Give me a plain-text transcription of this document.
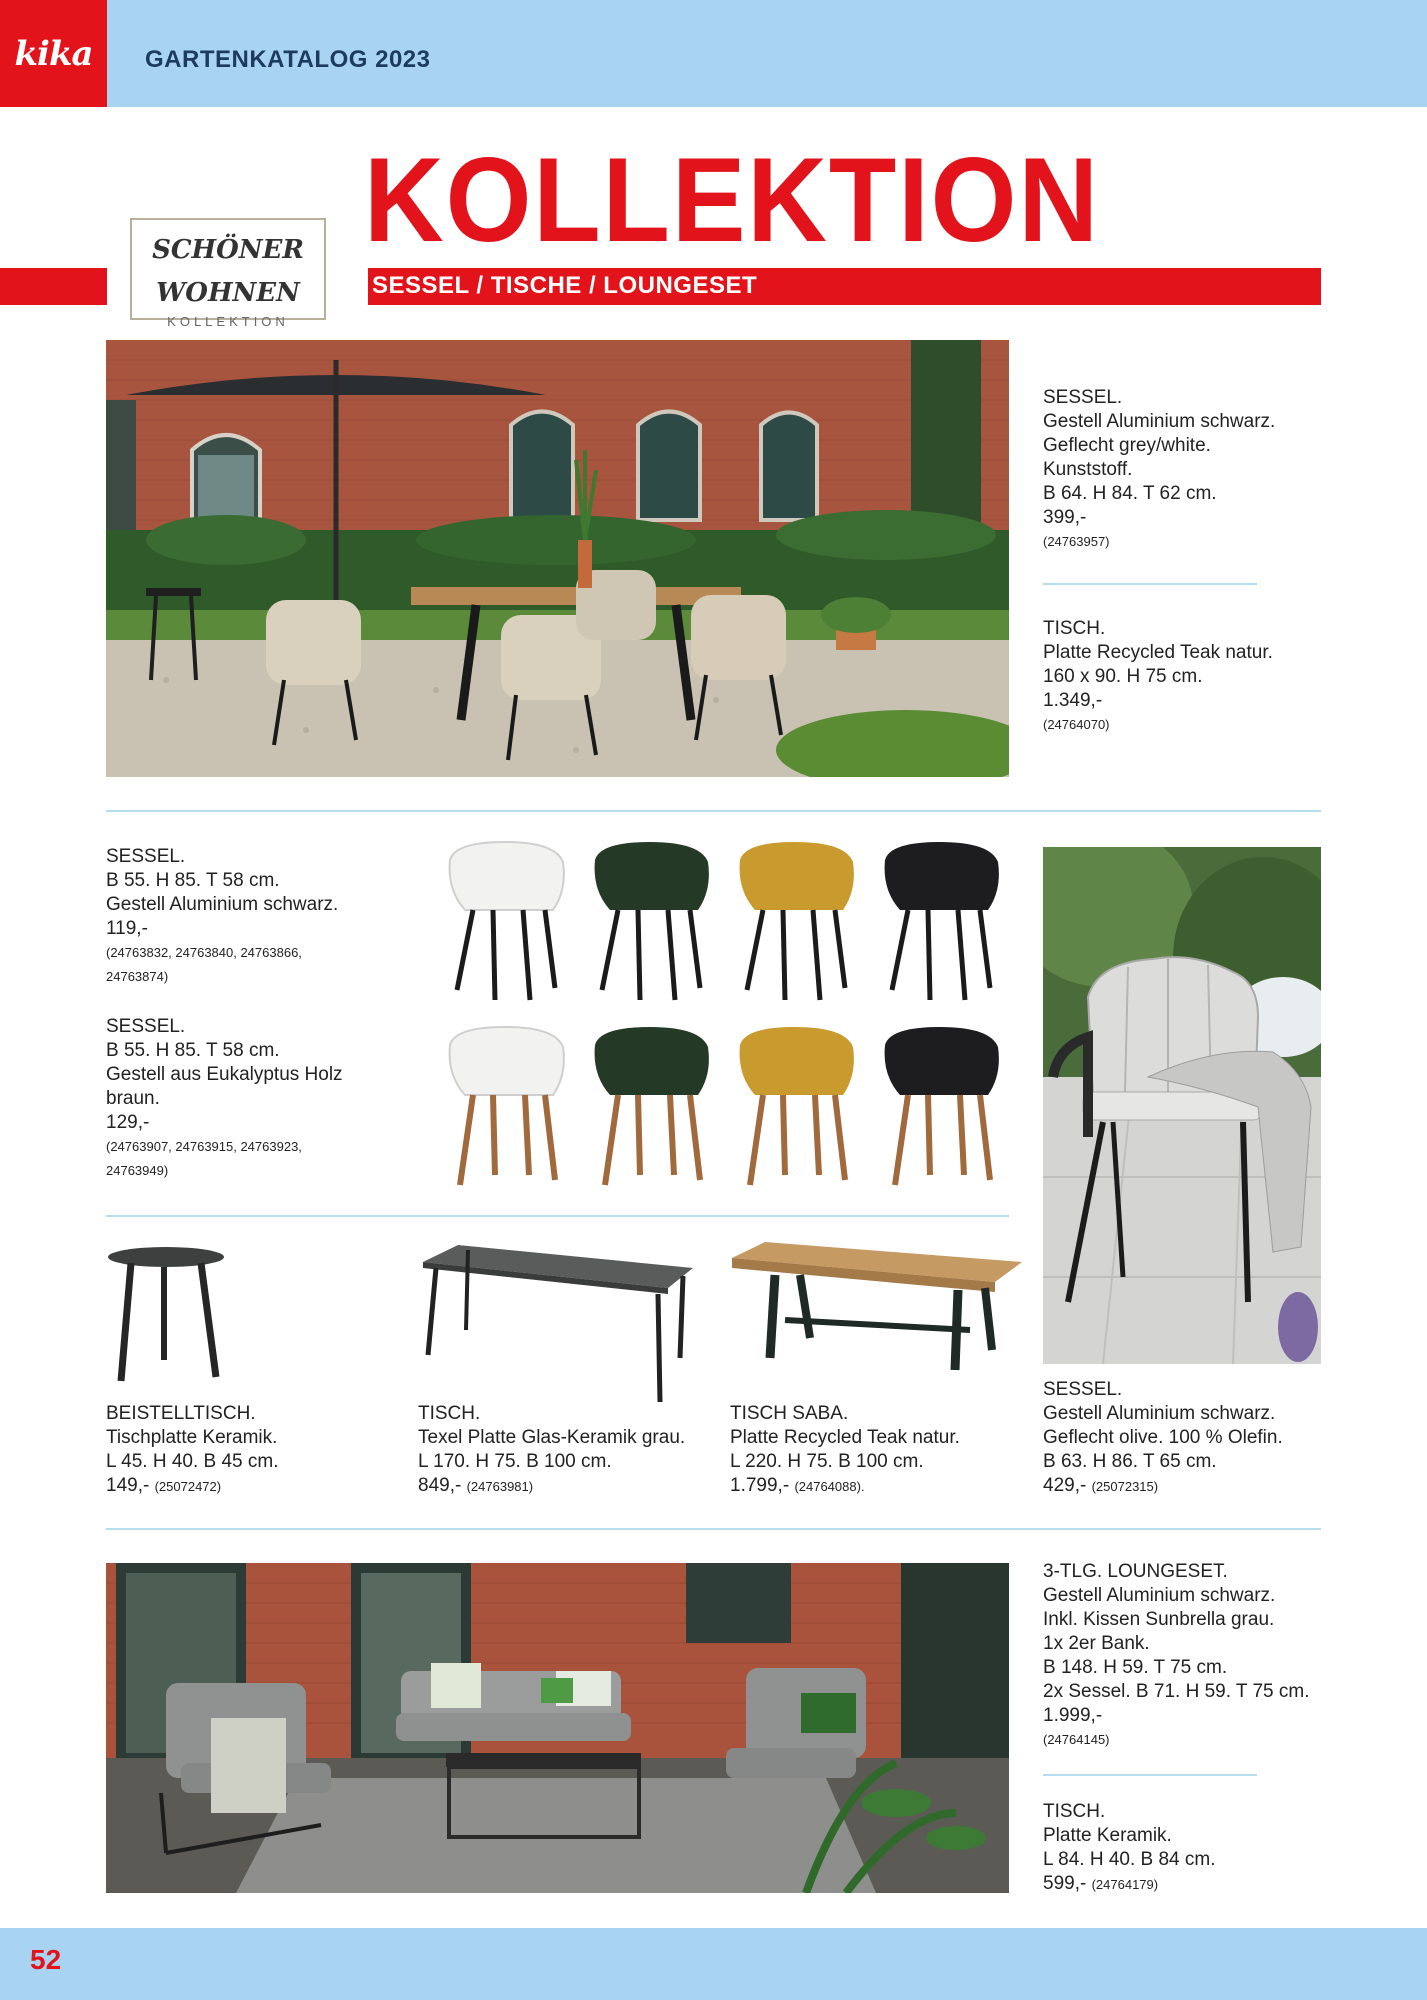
kika GARTENKATALOG 2023
KOLLEKTION
SESSEL / TISCHE / LOUNGESET
SCHÖNER
WOHNEN
KOLLEKTION
SESSEL.
Gestell Aluminium schwarz.
Geflecht grey/white.
Kunststoff.
B 64. H 84. T 62 cm.
399,-
(24763957)
TISCH.
Platte Recycled Teak natur.
160 x 90. H 75 cm.
1.349,-
(24764070)
SESSEL.
B 55. H 85. T 58 cm.
Gestell Aluminium schwarz.
119,-
(24763832, 24763840, 24763866,
24763874)
SESSEL.
B 55. H 85. T 58 cm.
Gestell aus Eukalyptus Holz
braun.
129,-
(24763907, 24763915, 24763923,
24763949)
BEISTELLTISCH.
Tischplatte Keramik.
L 45. H 40. B 45 cm.
149,- (25072472)
TISCH.
Texel Platte Glas-Keramik grau.
L 170. H 75. B 100 cm.
849,- (24763981)
TISCH SABA.
Platte Recycled Teak natur.
L 220. H 75. B 100 cm.
1.799,- (24764088).
SESSEL.
Gestell Aluminium schwarz.
Geflecht olive. 100 % Olefin.
B 63. H 86. T 65 cm.
429,- (25072315)
3-TLG. LOUNGESET.
Gestell Aluminium schwarz.
Inkl. Kissen Sunbrella grau.
1x 2er Bank.
B 148. H 59. T 75 cm.
2x Sessel. B 71. H 59. T 75 cm.
1.999,-
(24764145)
TISCH.
Platte Keramik.
L 84. H 40. B 84 cm.
599,- (24764179)
52
